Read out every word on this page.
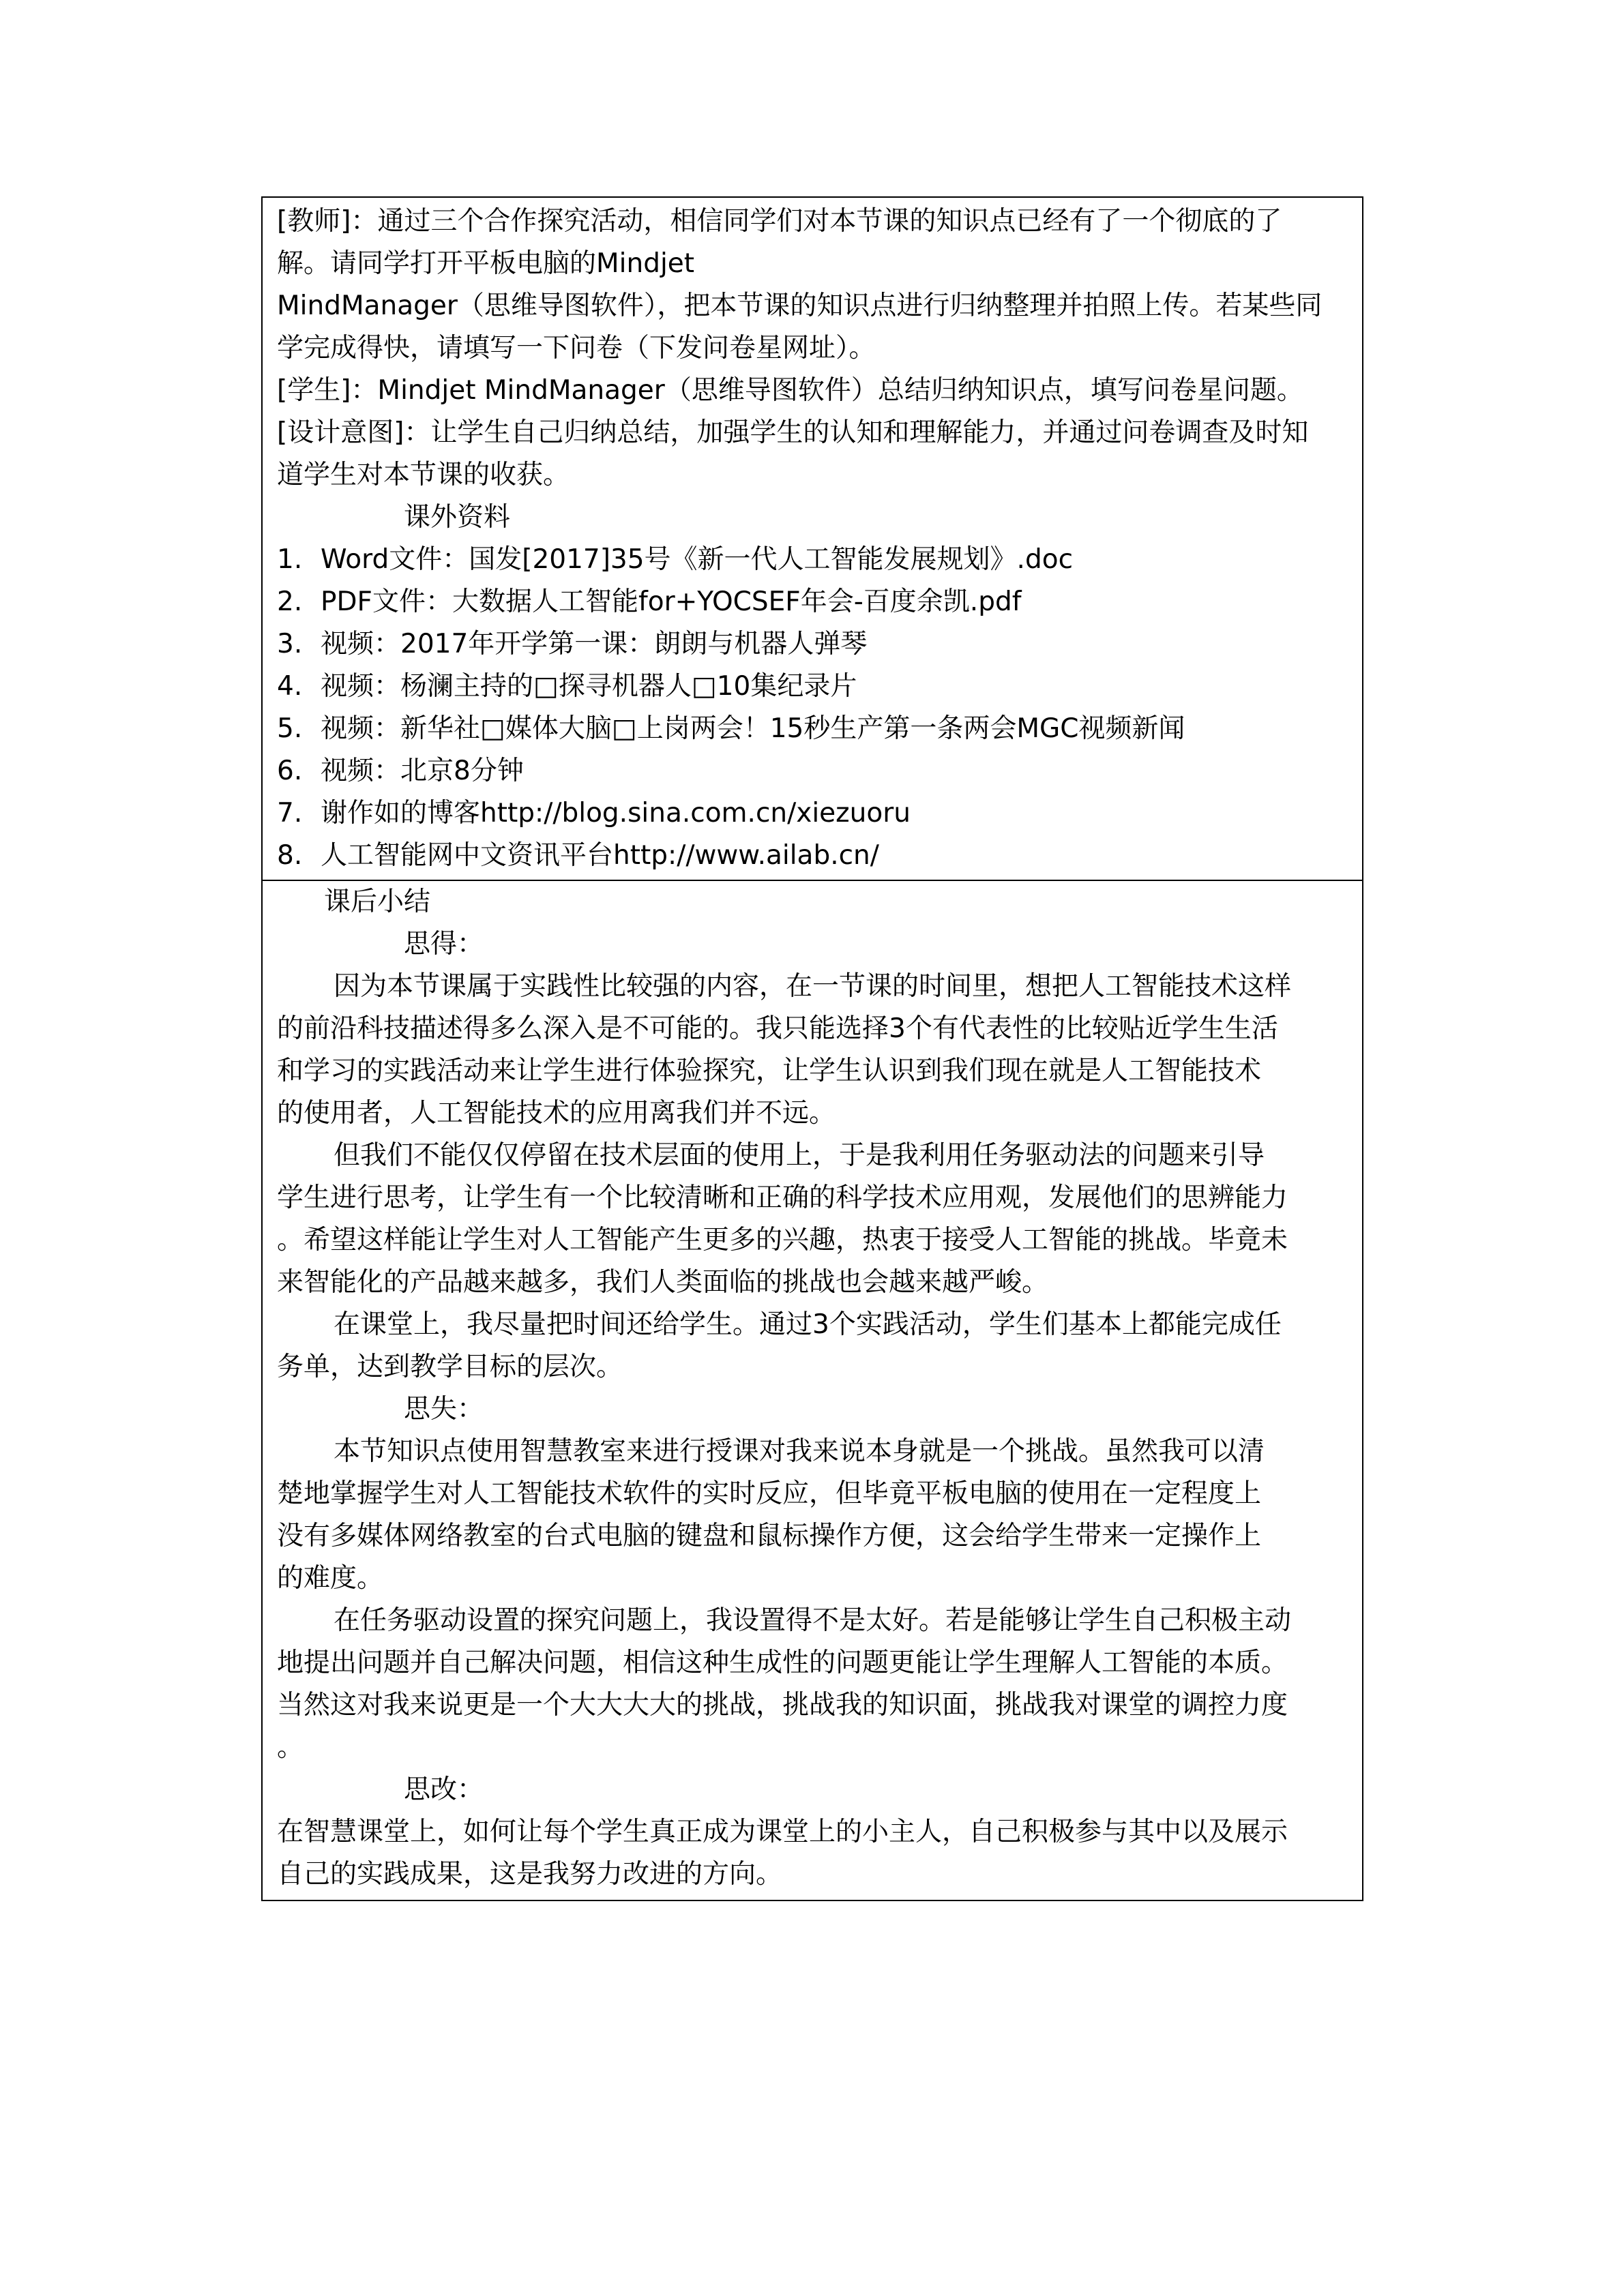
[教师]：通过三个合作探究活动，相信同学们对本节课的知识点已经有了一个彻底的了
解。请同学打开平板电脑的Mindjet
MindManager（思维导图软件），把本节课的知识点进行归纳整理并拍照上传。若某些同
学完成得快，请填写一下问卷（下发问卷星网址）。
[学生]：Mindjet MindManager（思维导图软件）总结归纳知识点，填写问卷星问题。
[设计意图]：让学生自己归纳总结，加强学生的认知和理解能力，并通过问卷调查及时知
道学生对本节课的收获。
课外资料
1. Word文件：国发[2017]35号《新一代人工智能发展规划》.doc
2. PDF文件：大数据人工智能for+YOCSEF年会-百度余凯.pdf
3. 视频：2017年开学第一课：朗朗与机器人弹琴
4. 视频：杨澜主持的□探寻机器人□10集纪录片
5. 视频：新华社□媒体大脑□上岗两会！15秒生产第一条两会MGC视频新闻
6. 视频：北京8分钟
7. 谢作如的博客http://blog.sina.com.cn/xiezuoru
8. 人工智能网中文资讯平台http://www.ailab.cn/
课后小结
思得：
因为本节课属于实践性比较强的内容，在一节课的时间里，想把人工智能技术这样
的前沿科技描述得多么深入是不可能的。我只能选择3个有代表性的比较贴近学生生活
和学习的实践活动来让学生进行体验探究，让学生认识到我们现在就是人工智能技术
的使用者，人工智能技术的应用离我们并不远。
但我们不能仅仅停留在技术层面的使用上，于是我利用任务驱动法的问题来引导
学生进行思考，让学生有一个比较清晰和正确的科学技术应用观，发展他们的思辨能力
。希望这样能让学生对人工智能产生更多的兴趣，热衷于接受人工智能的挑战。毕竟未
来智能化的产品越来越多，我们人类面临的挑战也会越来越严峻。
在课堂上，我尽量把时间还给学生。通过3个实践活动，学生们基本上都能完成任
务单，达到教学目标的层次。
思失：
本节知识点使用智慧教室来进行授课对我来说本身就是一个挑战。虽然我可以清
楚地掌握学生对人工智能技术软件的实时反应，但毕竟平板电脑的使用在一定程度上
没有多媒体网络教室的台式电脑的键盘和鼠标操作方便，这会给学生带来一定操作上
的难度。
在任务驱动设置的探究问题上，我设置得不是太好。若是能够让学生自己积极主动
地提出问题并自己解决问题，相信这种生成性的问题更能让学生理解人工智能的本质。
当然这对我来说更是一个大大大大的挑战，挑战我的知识面，挑战我对课堂的调控力度
。
思改：
在智慧课堂上，如何让每个学生真正成为课堂上的小主人，自己积极参与其中以及展示
自己的实践成果，这是我努力改进的方向。
